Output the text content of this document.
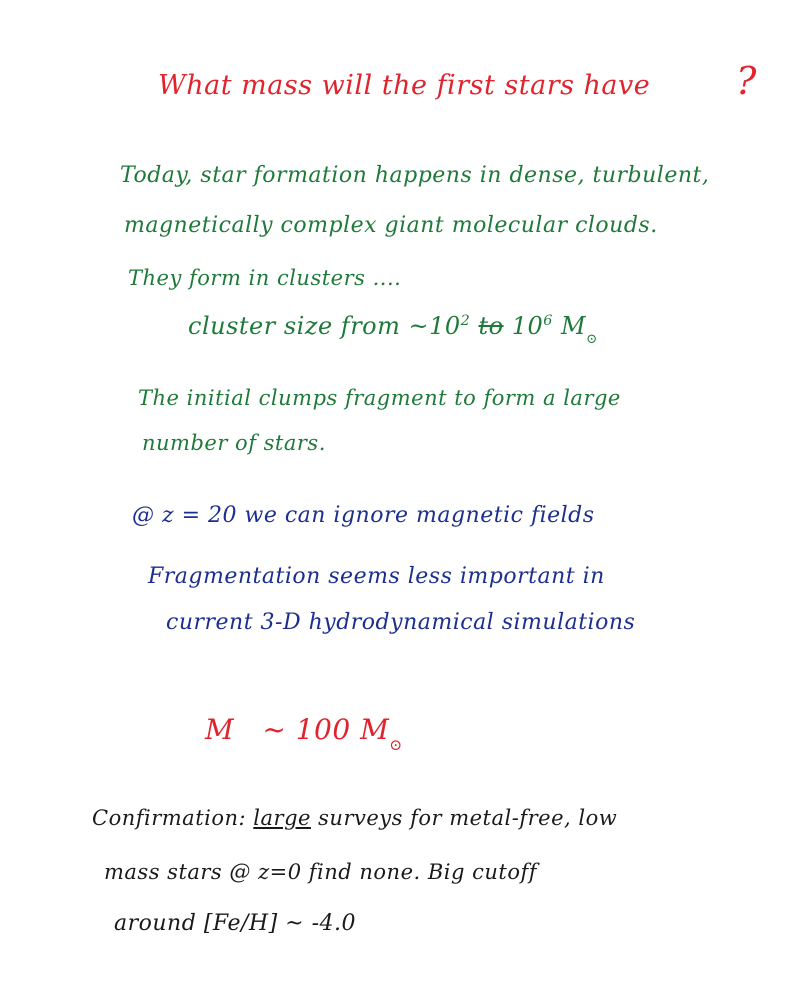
What mass will the first stars have ?
Today, star formation happens in dense, turbulent,
magnetically complex giant molecular clouds.
They form in clusters ....
cluster size from $\sim 10^2$ to $10^6$ $M_⊙$
The initial clumps fragment to form a large
number of stars.
@ z = 20 we can ignore magnetic fields
Fragmentation seems less important in
current 3-D hydrodynamical simulations
M ~ 100 $M_⊙$
Confirmation: large surveys for metal-free, low
mass stars @ z=0 find none. Big cutoff
around [Fe/H] ~ -4.0
